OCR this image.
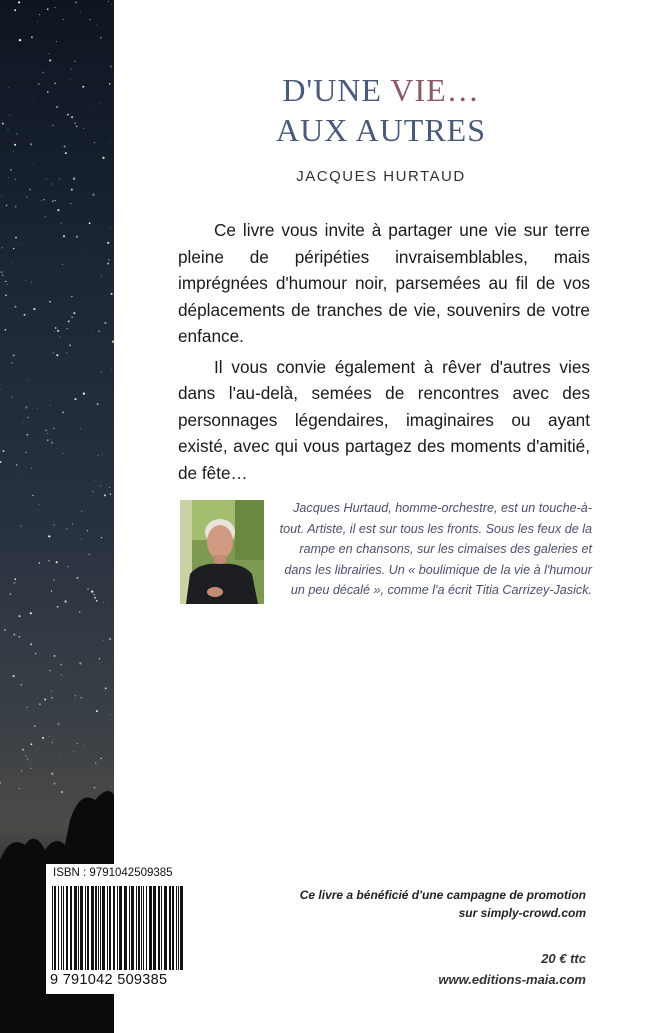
D'UNE VIE…
AUX AUTRES
JACQUES HURTAUD

Ce livre vous invite à partager une vie sur terre pleine de péripéties invraisemblables, mais imprégnées d'humour noir, parsemées au fil de vos déplacements de tranches de vie, souvenirs de votre enfance.

Il vous convie également à rêver d'autres vies dans l'au-delà, semées de rencontres avec des personnages légendaires, imaginaires ou ayant existé, avec qui vous partagez des moments d'amitié, de fête…

Jacques Hurtaud, homme-orchestre, est un touche-à-tout. Artiste, il est sur tous les fronts. Sous les feux de la rampe en chansons, sur les cimaises des galeries et dans les librairies. Un « boulimique de la vie à l'humour un peu décalé », comme l'a écrit Titia Carrizey-Jasick.
ISBN : 9791042509385
9 791042 509385
Ce livre a bénéficié d'une campagne de promotion
sur simply-crowd.com
20 € ttc
www.editions-maia.com
